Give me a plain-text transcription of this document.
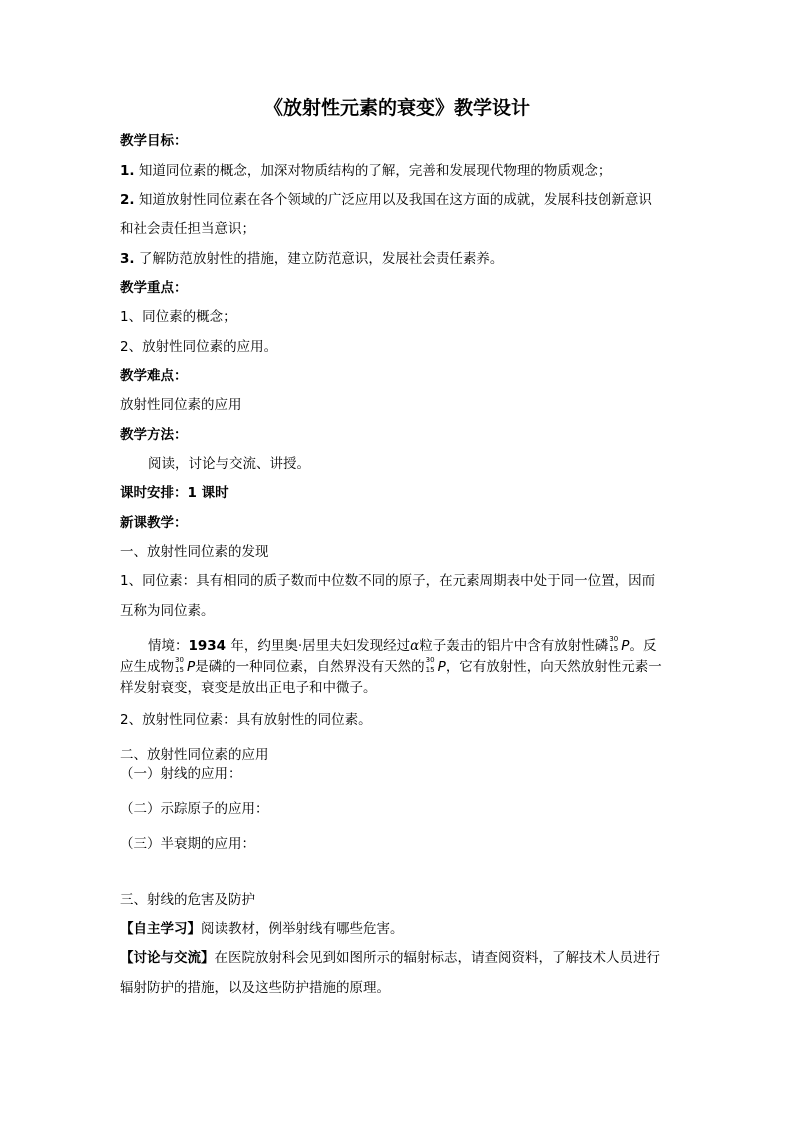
《放射性元素的衰变》教学设计
教学目标：
1. 知道同位素的概念，加深对物质结构的了解，完善和发展现代物理的物质观念；
2. 知道放射性同位素在各个领域的广泛应用以及我国在这方面的成就，发展科技创新意识
和社会责任担当意识；
3. 了解防范放射性的措施，建立防范意识，发展社会责任素养。
教学重点：
1、同位素的概念；
2、放射性同位素的应用。
教学难点：
放射性同位素的应用
教学方法：
阅读，讨论与交流、讲授。
课时安排：1 课时
新课教学：
一、放射性同位素的发现
1、同位素：具有相同的质子数而中位数不同的原子，在元素周期表中处于同一位置，因而
互称为同位素。
情境：1934 年，约里奥·居里夫妇发现经过α粒子轰击的铝片中含有放射性磷 30
15 P。反
应生成物 30
15 P是磷的一种同位素，自然界没有天然的 30
15 P，它有放射性，向天然放射性元素一
样发射衰变，衰变是放出正电子和中微子。
2、放射性同位素：具有放射性的同位素。
二、放射性同位素的应用
（一）射线的应用：
（二）示踪原子的应用：
（三）半衰期的应用：
三、射线的危害及防护
【自主学习】阅读教材，例举射线有哪些危害。
【讨论与交流】在医院放射科会见到如图所示的辐射标志，请查阅资料，了解技术人员进行
辐射防护的措施，以及这些防护措施的原理。
